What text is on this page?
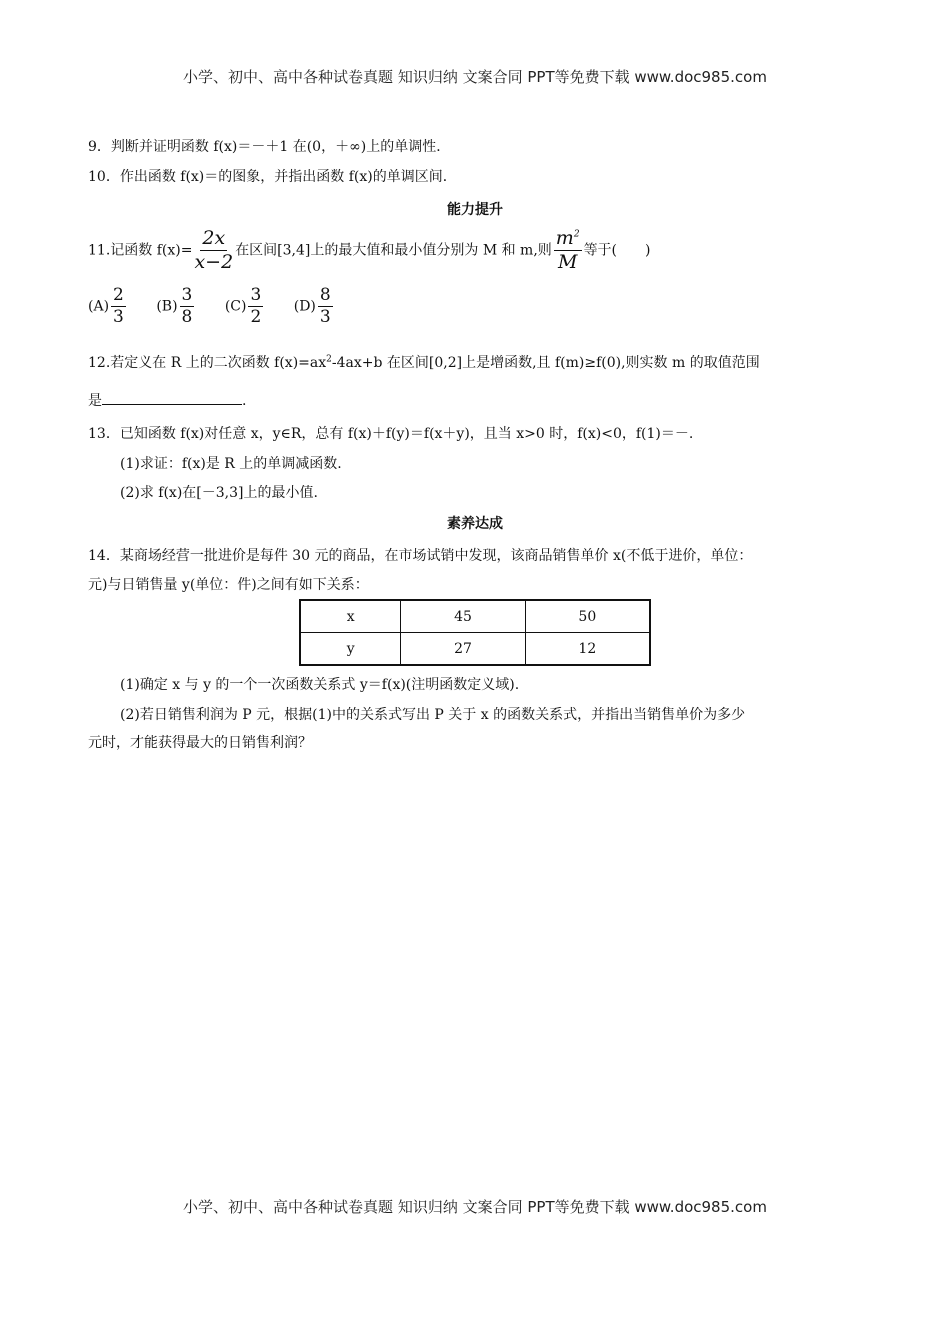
小学、初中、高中各种试卷真题 知识归纳 文案合同 PPT等免费下载 www.doc985.com
9．判断并证明函数 f(x)＝－＋1 在(0，＋∞)上的单调性．
10．作出函数 f(x)＝的图象，并指出函数 f(x)的单调区间．
能力提升
11.记函数 $f(x)= \frac{2x}{x-2}$ 在区间[3,4]上的最大值和最小值分别为 M 和 m,则 $\frac{m^2}{M}$ 等于(　　)
$(A) \frac{2}{3} (B) \frac{3}{8} (C) \frac{3}{2} (D) \frac{8}{3}$
12.若定义在 R 上的二次函数 $f(x)=ax^2-4ax+b$ 在区间[0,2]上是增函数,且 f(m)≥f(0),则实数 m 的取值范围
是	.
13．已知函数 f(x)对任意 x，y∈R，总有 f(x)＋f(y)＝f(x＋y)，且当 x>0 时，f(x)<0，f(1)＝－.
(1)求证：f(x)是 R 上的单调减函数.
(2)求 f(x)在[－3,3]上的最小值.
素养达成
14．某商场经营一批进价是每件 30 元的商品，在市场试销中发现，该商品销售单价 x(不低于进价，单位：
元)与日销售量 y(单位：件)之间有如下关系：
x	45	50
y	27	12
(1)确定 x 与 y 的一个一次函数关系式 y＝f(x)(注明函数定义域).
(2)若日销售利润为 P 元，根据(1)中的关系式写出 P 关于 x 的函数关系式，并指出当销售单价为多少
元时，才能获得最大的日销售利润？
小学、初中、高中各种试卷真题 知识归纳 文案合同 PPT等免费下载 www.doc985.com
